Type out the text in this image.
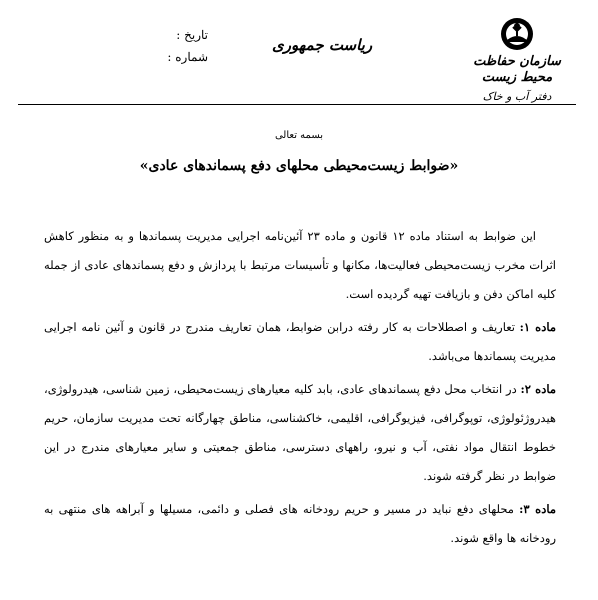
تاریخ :
شماره :
ریاست جمهوری
سازمان حفاظت محیط زیست
دفتر آب و خاک
بسمه تعالی
«ضوابط زیست‌محیطی محلهای دفع پسماندهای عادی»

این ضوابط به استناد ماده ۱۲ قانون و ماده ۲۳ آئین‌نامه اجرایی مدیریت پسماندها و به منظور کاهش اثرات مخرب زیست‌محیطی فعالیت‌ها، مکانها و تأسیسات مرتبط با پردازش و دفع پسماندهای عادی از جمله کلیه اماکن دفن و بازیافت تهیه گردیده است.

ماده ۱: تعاریف و اصطلاحات به کار رفته درابن ضوابط، همان تعاریف مندرج در قانون و آئین نامه اجرایی مدیریت پسماندها می‌باشد.

ماده ۲: در انتخاب محل دفع پسماندهای عادی، بابد کلیه معیارهای زیست‌محیطی، زمین شناسی، هیدرولوژی، هیدروژئولوژی، توپوگرافی، فیزیوگرافی، اقلیمی، خاکشناسی، مناطق چهارگانه تحت مدیریت سازمان، حریم خطوط انتقال مواد نفتی، آب و نیرو، راههای دسترسی، مناطق جمعیتی و سایر معیارهای مندرج در این ضوابط در نظر گرفته شوند.

ماده ۳: محلهای دفع نباید در مسیر و حریم رودخانه های فصلی و دائمی، مسیلها و آبراهه های منتهی به رودخانه ها واقع شوند.
